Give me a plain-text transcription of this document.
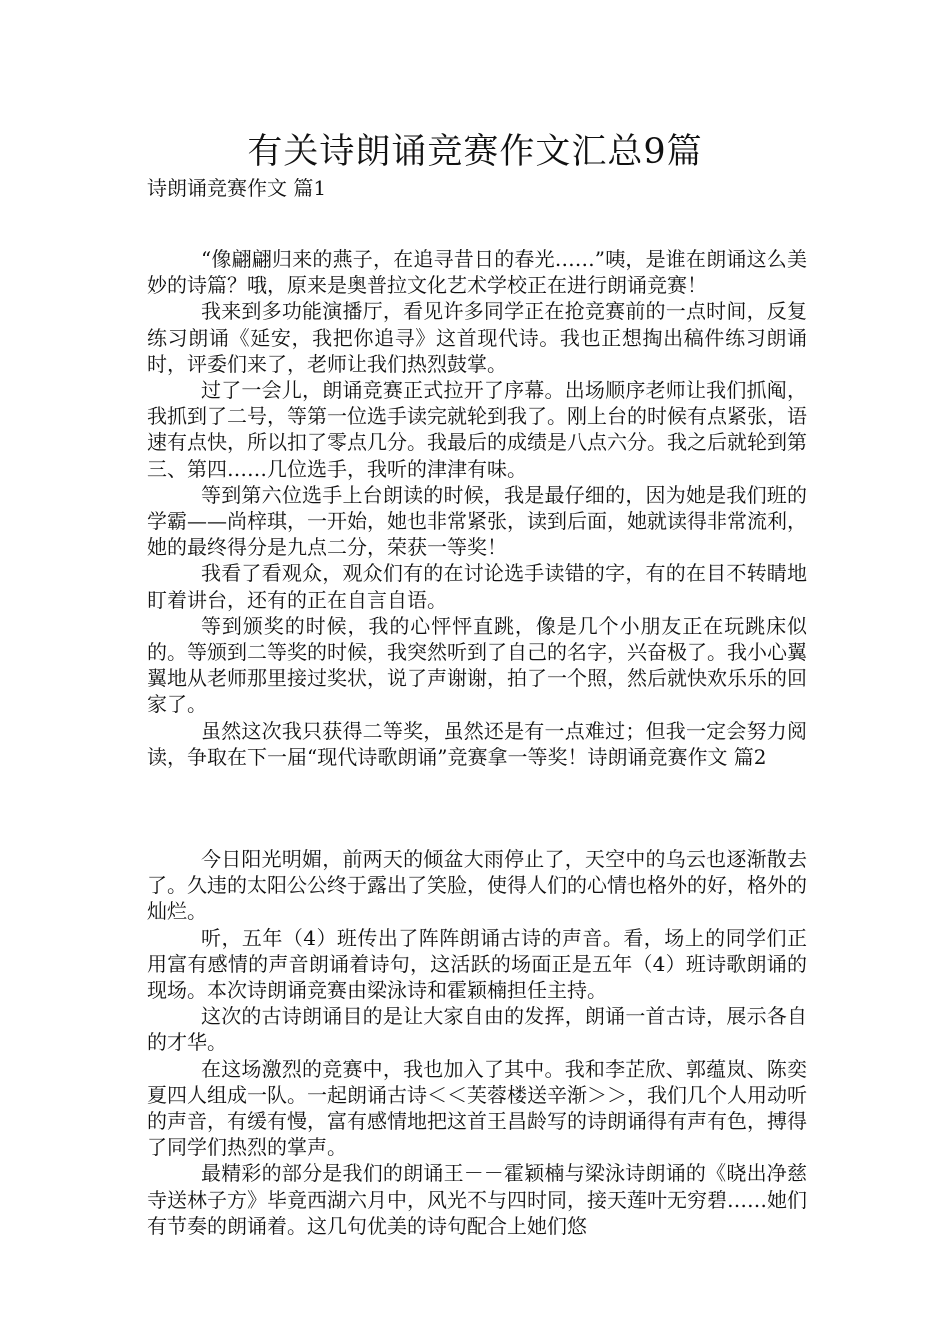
有关诗朗诵竞赛作文汇总9篇
诗朗诵竞赛作文 篇1

“像翩翩归来的燕子，在追寻昔日的春光……”咦，是谁在朗诵这么美妙的诗篇？哦，原来是奥普拉文化艺术学校正在进行朗诵竞赛！

我来到多功能演播厅，看见许多同学正在抢竞赛前的一点时间，反复练习朗诵《延安，我把你追寻》这首现代诗。我也正想掏出稿件练习朗诵时，评委们来了，老师让我们热烈鼓掌。

过了一会儿，朗诵竞赛正式拉开了序幕。出场顺序老师让我们抓阄，我抓到了二号，等第一位选手读完就轮到我了。刚上台的时候有点紧张，语速有点快，所以扣了零点几分。我最后的成绩是八点六分。我之后就轮到第三、第四……几位选手，我听的津津有味。

等到第六位选手上台朗读的时候，我是最仔细的，因为她是我们班的学霸——尚梓琪，一开始，她也非常紧张，读到后面，她就读得非常流利，她的最终得分是九点二分，荣获一等奖！

我看了看观众，观众们有的在讨论选手读错的字，有的在目不转睛地盯着讲台，还有的正在自言自语。

等到颁奖的时候，我的心怦怦直跳，像是几个小朋友正在玩跳床似的。等颁到二等奖的时候，我突然听到了自己的名字，兴奋极了。我小心翼翼地从老师那里接过奖状，说了声谢谢，拍了一个照，然后就快欢乐乐的回家了。

虽然这次我只获得二等奖，虽然还是有一点难过；但我一定会努力阅读，争取在下一届“现代诗歌朗诵”竞赛拿一等奖！诗朗诵竞赛作文 篇2

今日阳光明媚，前两天的倾盆大雨停止了，天空中的乌云也逐渐散去了。久违的太阳公公终于露出了笑脸，使得人们的心情也格外的好，格外的灿烂。

听，五年（4）班传出了阵阵朗诵古诗的声音。看，场上的同学们正用富有感情的声音朗诵着诗句，这活跃的场面正是五年（4）班诗歌朗诵的现场。本次诗朗诵竞赛由梁泳诗和霍颖楠担任主持。

这次的古诗朗诵目的是让大家自由的发挥，朗诵一首古诗，展示各自的才华。

在这场激烈的竞赛中，我也加入了其中。我和李芷欣、郭蕴岚、陈奕夏四人组成一队。一起朗诵古诗＜＜芙蓉楼送辛渐＞＞，我们几个人用动听的声音，有缓有慢，富有感情地把这首王昌龄写的诗朗诵得有声有色，搏得了同学们热烈的掌声。

最精彩的部分是我们的朗诵王－－霍颖楠与梁泳诗朗诵的《晓出净慈寺送林子方》毕竟西湖六月中，风光不与四时同，接天莲叶无穷碧……她们有节奏的朗诵着。这几句优美的诗句配合上她们悠
